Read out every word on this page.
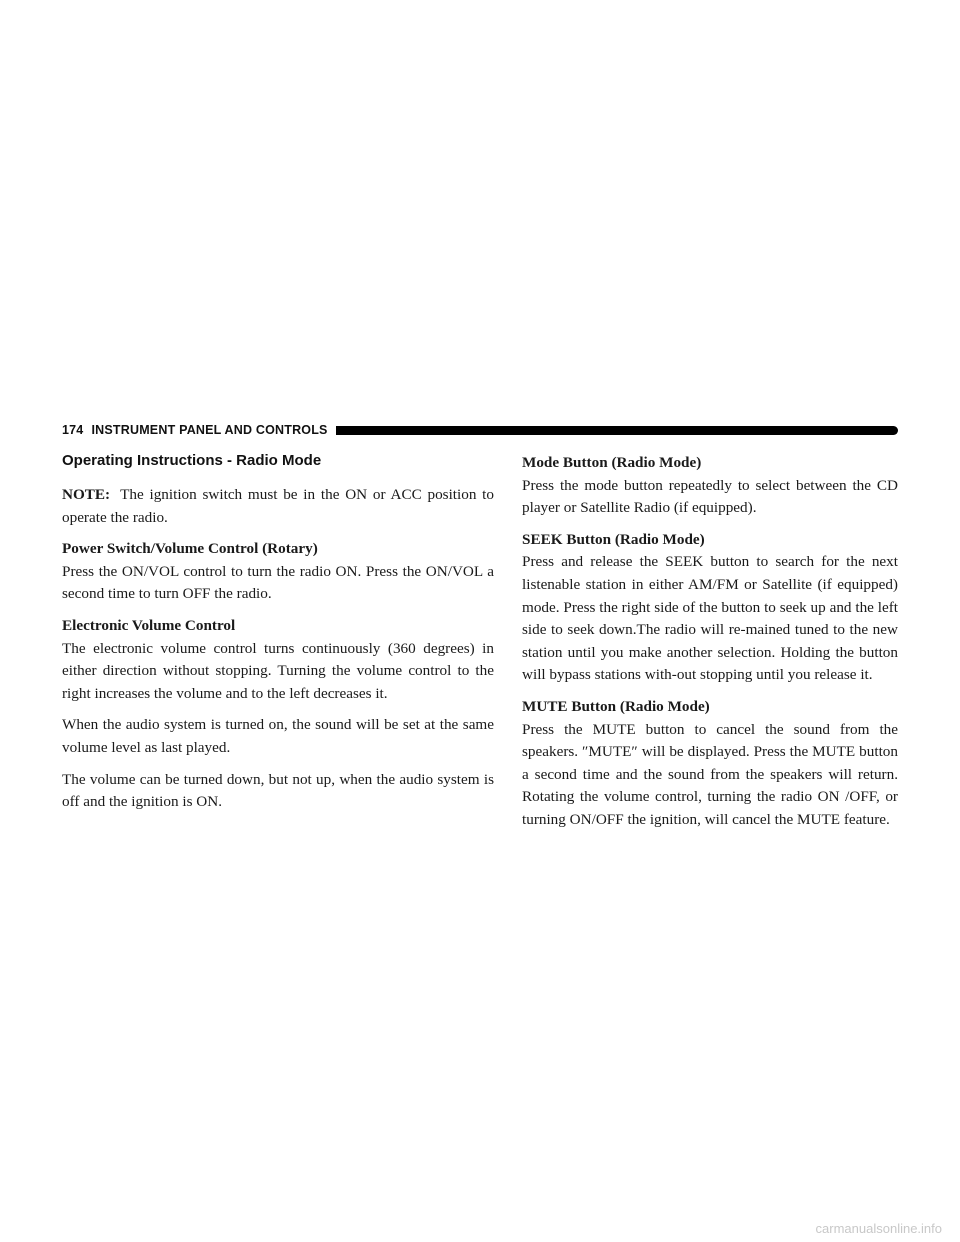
174 INSTRUMENT PANEL AND CONTROLS
Operating Instructions - Radio Mode

NOTE: The ignition switch must be in the ON or ACC position to operate the radio.

Power Switch/Volume Control (Rotary)

Press the ON/VOL control to turn the radio ON. Press the ON/VOL a second time to turn OFF the radio.

Electronic Volume Control

The electronic volume control turns continuously (360 degrees) in either direction without stopping. Turning the volume control to the right increases the volume and to the left decreases it.

When the audio system is turned on, the sound will be set at the same volume level as last played.

The volume can be turned down, but not up, when the audio system is off and the ignition is ON.

Mode Button (Radio Mode)

Press the mode button repeatedly to select between the CD player or Satellite Radio (if equipped).

SEEK Button (Radio Mode)

Press and release the SEEK button to search for the next listenable station in either AM/FM or Satellite (if equipped) mode. Press the right side of the button to seek up and the left side to seek down.The radio will re-mained tuned to the new station until you make another selection. Holding the button will bypass stations with-out stopping until you release it.

MUTE Button (Radio Mode)

Press the MUTE button to cancel the sound from the speakers. ″MUTE″ will be displayed. Press the MUTE button a second time and the sound from the speakers will return. Rotating the volume control, turning the radio ON /OFF, or turning ON/OFF the ignition, will cancel the MUTE feature.

carmanualsonline.info
